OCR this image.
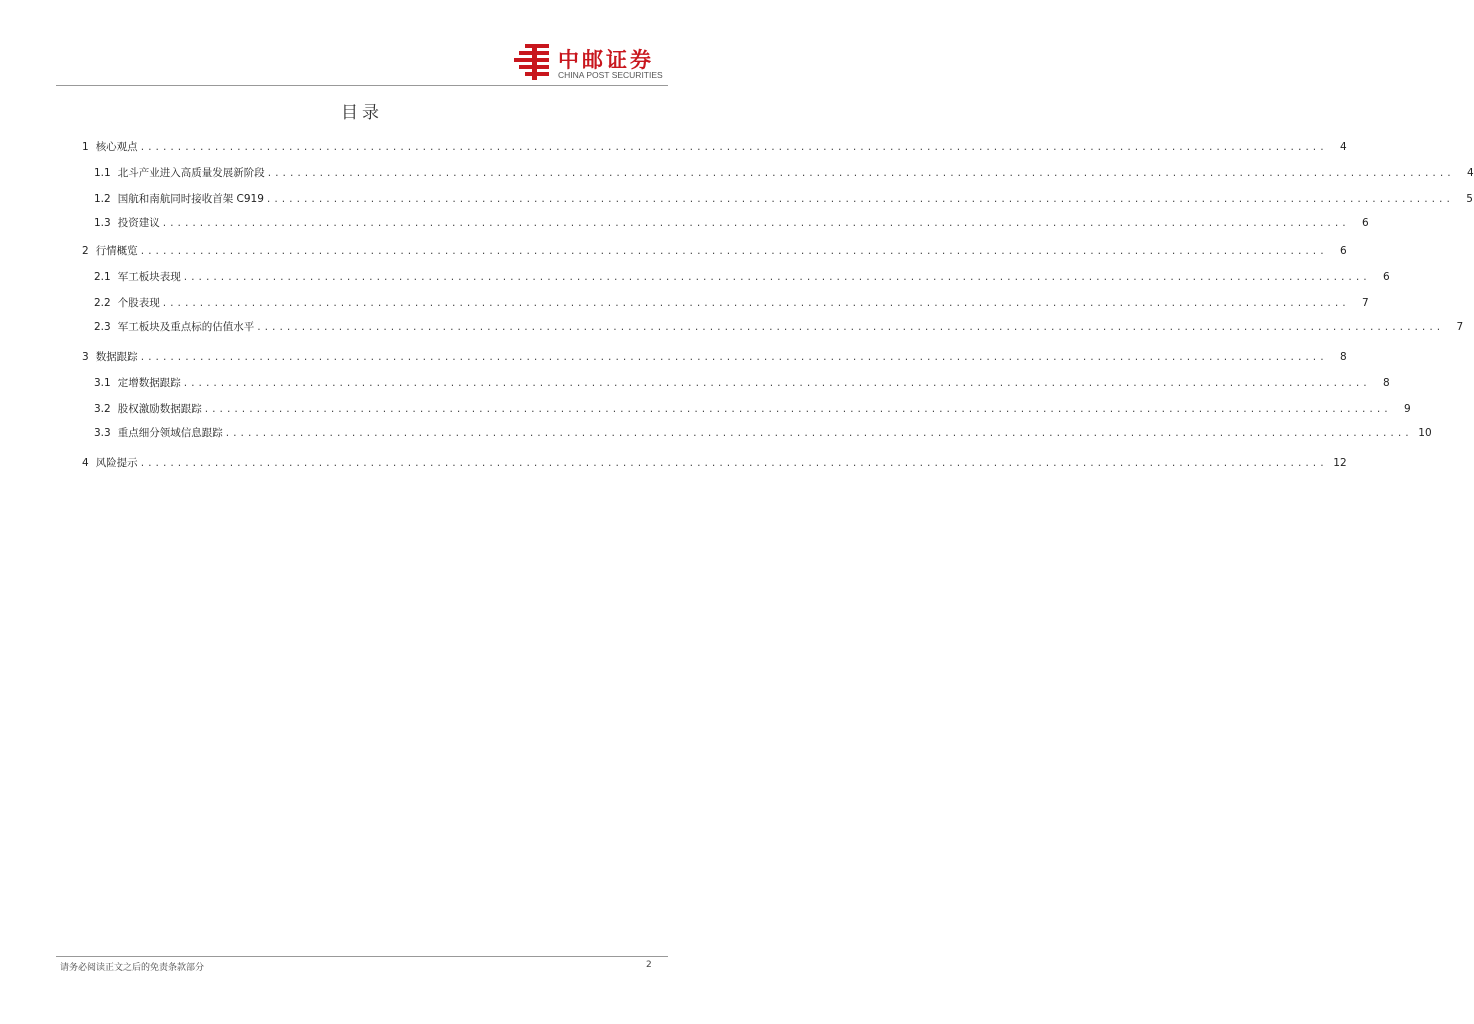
中邮证券
CHINA POST SECURITIES
目录
1 核心观点 ................................................................................................................................................................	4
1.1 北斗产业进入高质量发展新阶段 ................................................................................................................................................................	4
1.2 国航和南航同时接收首架 C919 ................................................................................................................................................................	5
1.3 投资建议 ................................................................................................................................................................	6
2 行情概览 ................................................................................................................................................................	6
2.1 军工板块表现 ................................................................................................................................................................	6
2.2 个股表现 ................................................................................................................................................................	7
2.3 军工板块及重点标的估值水平 ................................................................................................................................................................	7
3 数据跟踪 ................................................................................................................................................................	8
3.1 定增数据跟踪 ................................................................................................................................................................	8
3.2 股权激励数据跟踪 ................................................................................................................................................................	9
3.3 重点细分领域信息跟踪 ................................................................................................................................................................ 10
4 风险提示 ................................................................................................................................................................ 12
请务必阅读正文之后的免责条款部分	2
